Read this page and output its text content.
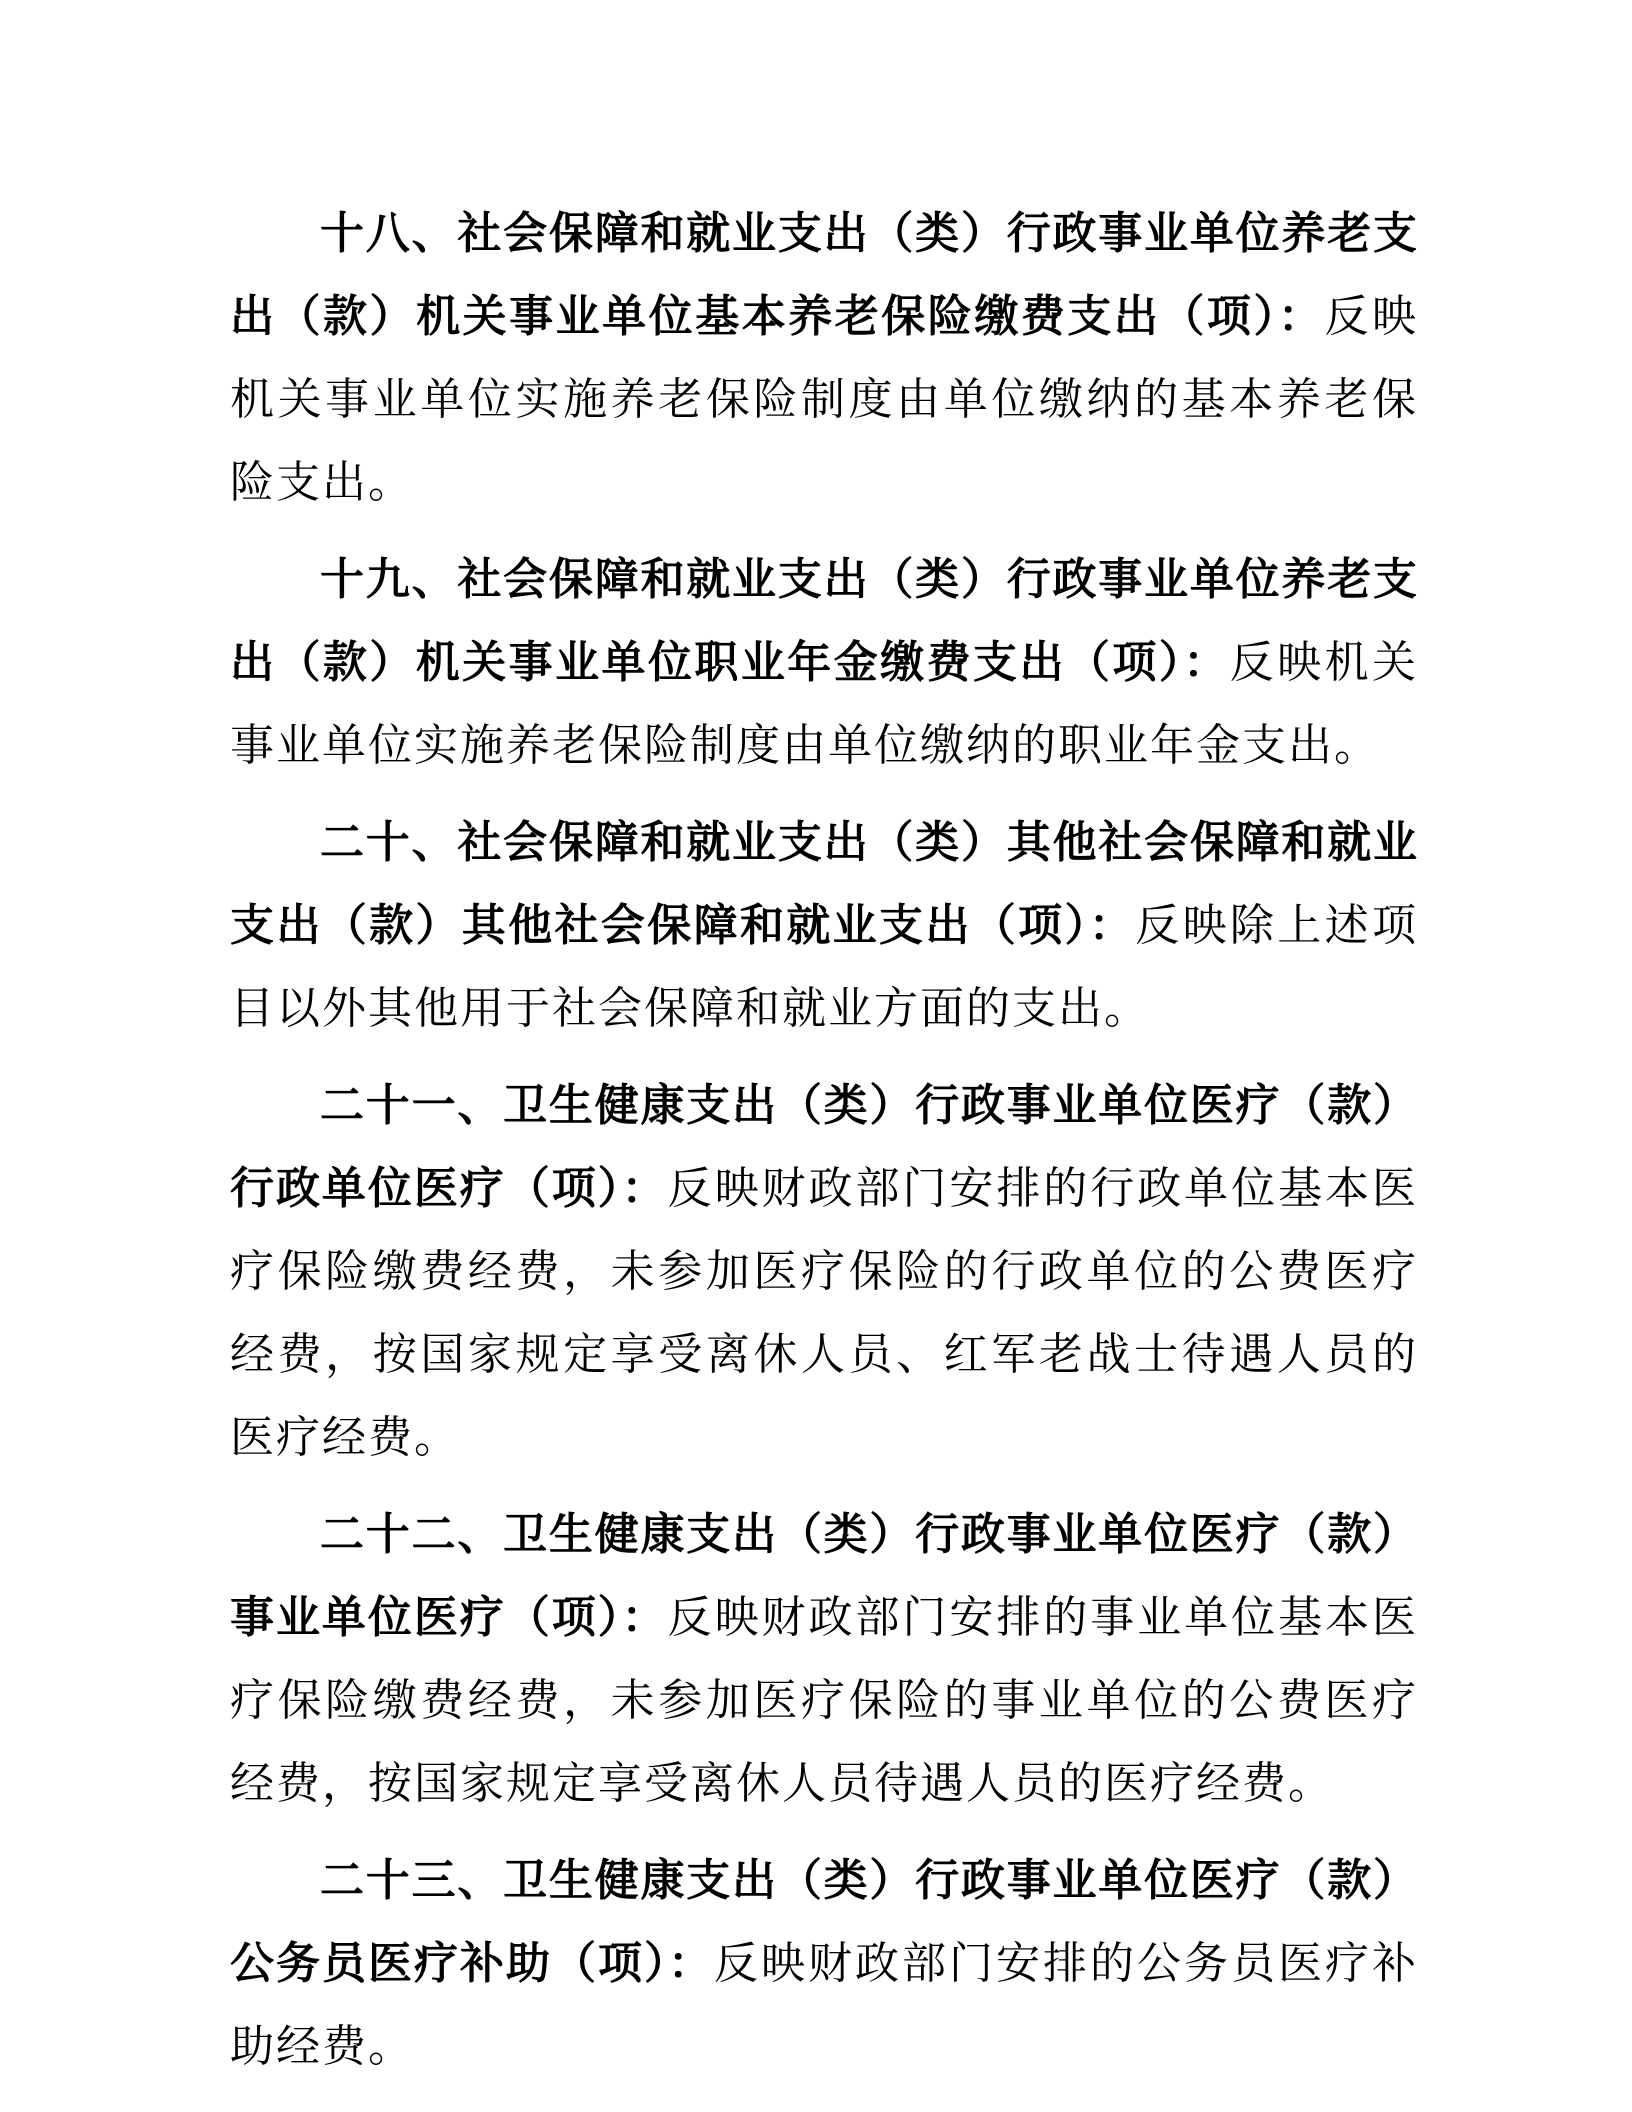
十八、社会保障和就业支出（类）行政事业单位养老支出（款）机关事业单位基本养老保险缴费支出（项）：反映机关事业单位实施养老保险制度由单位缴纳的基本养老保险支出。

十九、社会保障和就业支出（类）行政事业单位养老支出（款）机关事业单位职业年金缴费支出（项）：反映机关事业单位实施养老保险制度由单位缴纳的职业年金支出。

二十、社会保障和就业支出（类）其他社会保障和就业支出（款）其他社会保障和就业支出（项）：反映除上述项目以外其他用于社会保障和就业方面的支出。

二十一、卫生健康支出（类）行政事业单位医疗（款）行政单位医疗（项）：反映财政部门安排的行政单位基本医疗保险缴费经费，未参加医疗保险的行政单位的公费医疗经费，按国家规定享受离休人员、红军老战士待遇人员的医疗经费。

二十二、卫生健康支出（类）行政事业单位医疗（款）事业单位医疗（项）：反映财政部门安排的事业单位基本医疗保险缴费经费，未参加医疗保险的事业单位的公费医疗经费，按国家规定享受离休人员待遇人员的医疗经费。

二十三、卫生健康支出（类）行政事业单位医疗（款）公务员医疗补助（项）：反映财政部门安排的公务员医疗补助经费。
